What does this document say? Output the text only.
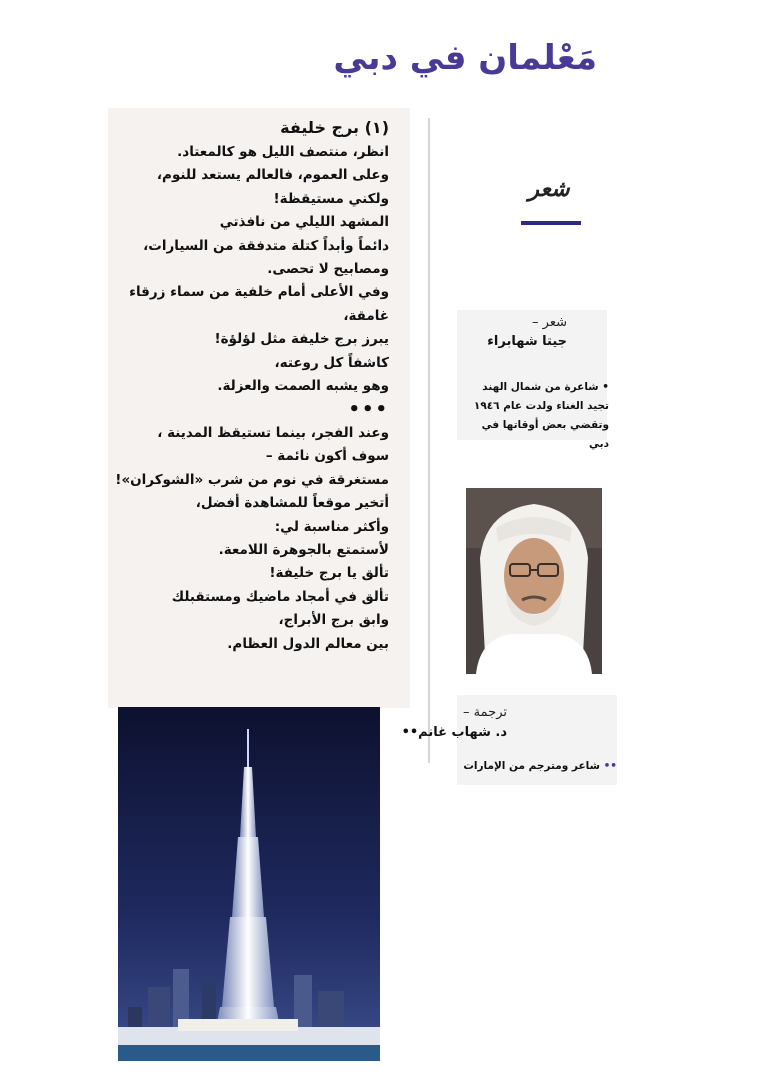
مَعْلمان في دبي
(١) برج خليفة
انظر، منتصف الليل هو كالمعتاد.
وعلى العموم، فالعالم يستعد للنوم،
ولكني مستيقظة!
المشهد الليلي من نافذتي
دائماً وأبداً كتلة متدفقة من السيارات،
ومصابيح لا تحصى.
وفي الأعلى أمام خلفية من سماء زرقاء
غامقة،
يبرز برج خليفة مثل لؤلؤة!
كاشفاً كل روعته،
وهو يشبه الصمت والعزلة.
•••
وعند الفجر، بينما تستيقظ المدينة ،
سوف أكون نائمة –
مستغرقة في نوم من شرب «الشوكران»!
أتخير موقعاً للمشاهدة أفضل،
وأكثر مناسبة لي:
لأستمتع بالجوهرة اللامعة.
تألق يا برج خليفة!
تألق في أمجاد ماضيك ومستقبلك
وابق برج الأبراج،
بين معالم الدول العظام.
شعر
شعر –
جيتا شهابراء
• شاعرة من شمال الهند تجيد الغناء ولدت عام ١٩٤٦ وتقضي بعض أوقاتها في دبي
ترجمة –
د. شهاب غانم••
•• شاعر ومترجم من الإمارات
